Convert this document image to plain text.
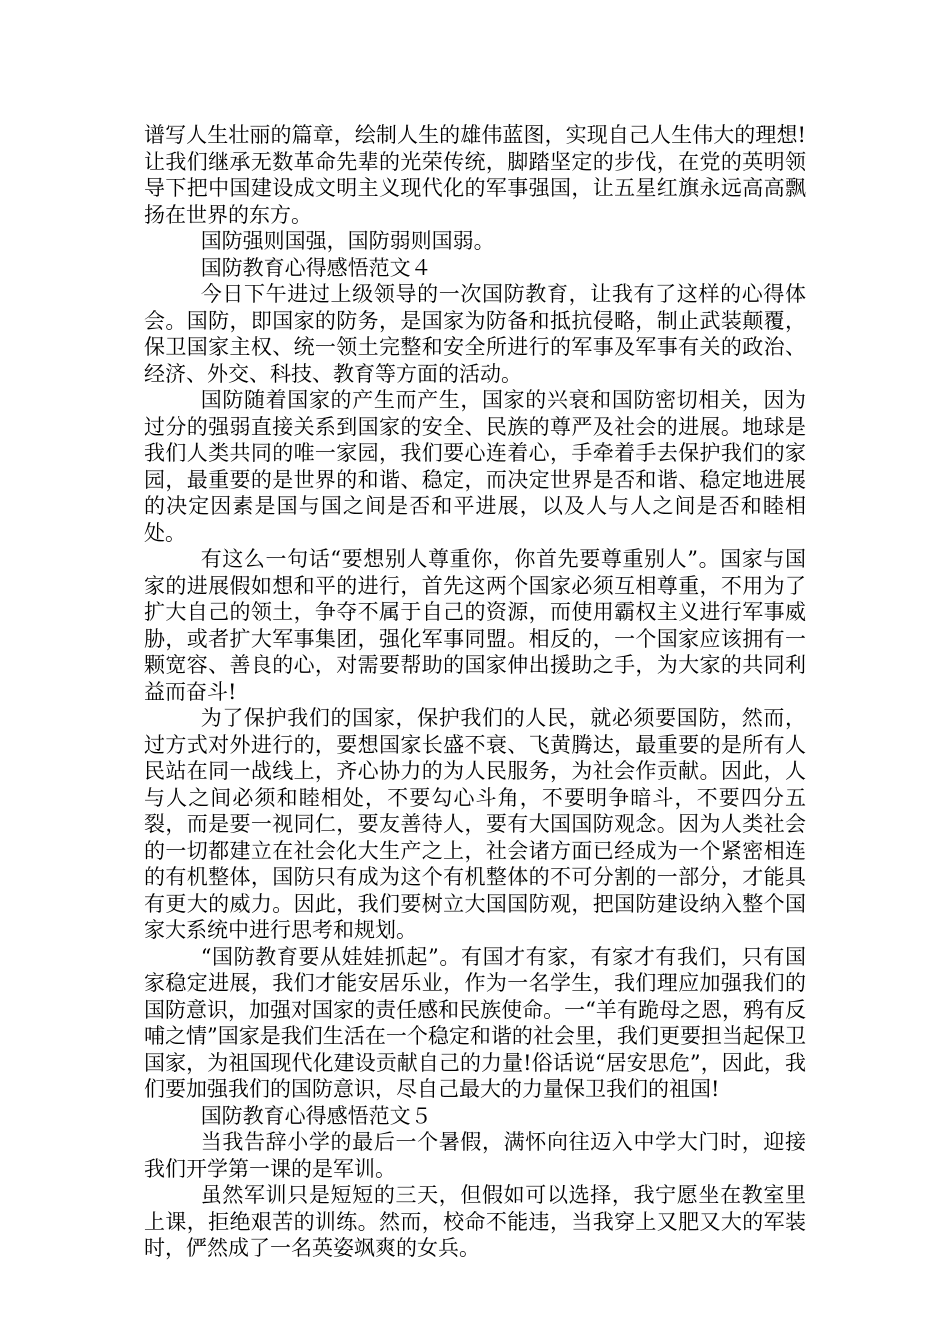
谱写人生壮丽的篇章，绘制人生的雄伟蓝图，实现自己人生伟大的理想!让我们继承无数革命先辈的光荣传统，脚踏坚定的步伐，在党的英明领导下把中国建设成文明主义现代化的军事强国，让五星红旗永远高高飘扬在世界的东方。

国防强则国强，国防弱则国弱。

国防教育心得感悟范文４

今日下午进过上级领导的一次国防教育，让我有了这样的心得体会。国防，即国家的防务，是国家为防备和抵抗侵略，制止武装颠覆，保卫国家主权、统一领土完整和安全所进行的军事及军事有关的政治、经济、外交、科技、教育等方面的活动。

国防随着国家的产生而产生，国家的兴衰和国防密切相关，因为过分的强弱直接关系到国家的安全、民族的尊严及社会的进展。地球是我们人类共同的唯一家园，我们要心连着心，手牵着手去保护我们的家园，最重要的是世界的和谐、稳定，而决定世界是否和谐、稳定地进展的决定因素是国与国之间是否和平进展，以及人与人之间是否和睦相处。

有这么一句话“要想别人尊重你，你首先要尊重别人”。国家与国家的进展假如想和平的进行，首先这两个国家必须互相尊重，不用为了扩大自己的领土，争夺不属于自己的资源，而使用霸权主义进行军事威胁，或者扩大军事集团，强化军事同盟。相反的，一个国家应该拥有一颗宽容、善良的心，对需要帮助的国家伸出援助之手，为大家的共同利益而奋斗!

为了保护我们的国家，保护我们的人民，就必须要国防，然而，过方式对外进行的，要想国家长盛不衰、飞黄腾达，最重要的是所有人民站在同一战线上，齐心协力的为人民服务，为社会作贡献。因此，人与人之间必须和睦相处，不要勾心斗角，不要明争暗斗，不要四分五裂，而是要一视同仁，要友善待人，要有大国国防观念。因为人类社会的一切都建立在社会化大生产之上，社会诸方面已经成为一个紧密相连的有机整体，国防只有成为这个有机整体的不可分割的一部分，才能具有更大的威力。因此，我们要树立大国国防观，把国防建设纳入整个国家大系统中进行思考和规划。

“国防教育要从娃娃抓起”。有国才有家，有家才有我们，只有国家稳定进展，我们才能安居乐业，作为一名学生，我们理应加强我们的国防意识，加强对国家的责任感和民族使命。一“羊有跪母之恩，鸦有反哺之情”国家是我们生活在一个稳定和谐的社会里，我们更要担当起保卫国家，为祖国现代化建设贡献自己的力量!俗话说“居安思危”，因此，我们要加强我们的国防意识，尽自己最大的力量保卫我们的祖国!

国防教育心得感悟范文５

当我告辞小学的最后一个暑假，满怀向往迈入中学大门时，迎接我们开学第一课的是军训。

虽然军训只是短短的三天，但假如可以选择，我宁愿坐在教室里上课，拒绝艰苦的训练。然而，校命不能违，当我穿上又肥又大的军装时，俨然成了一名英姿飒爽的女兵。
